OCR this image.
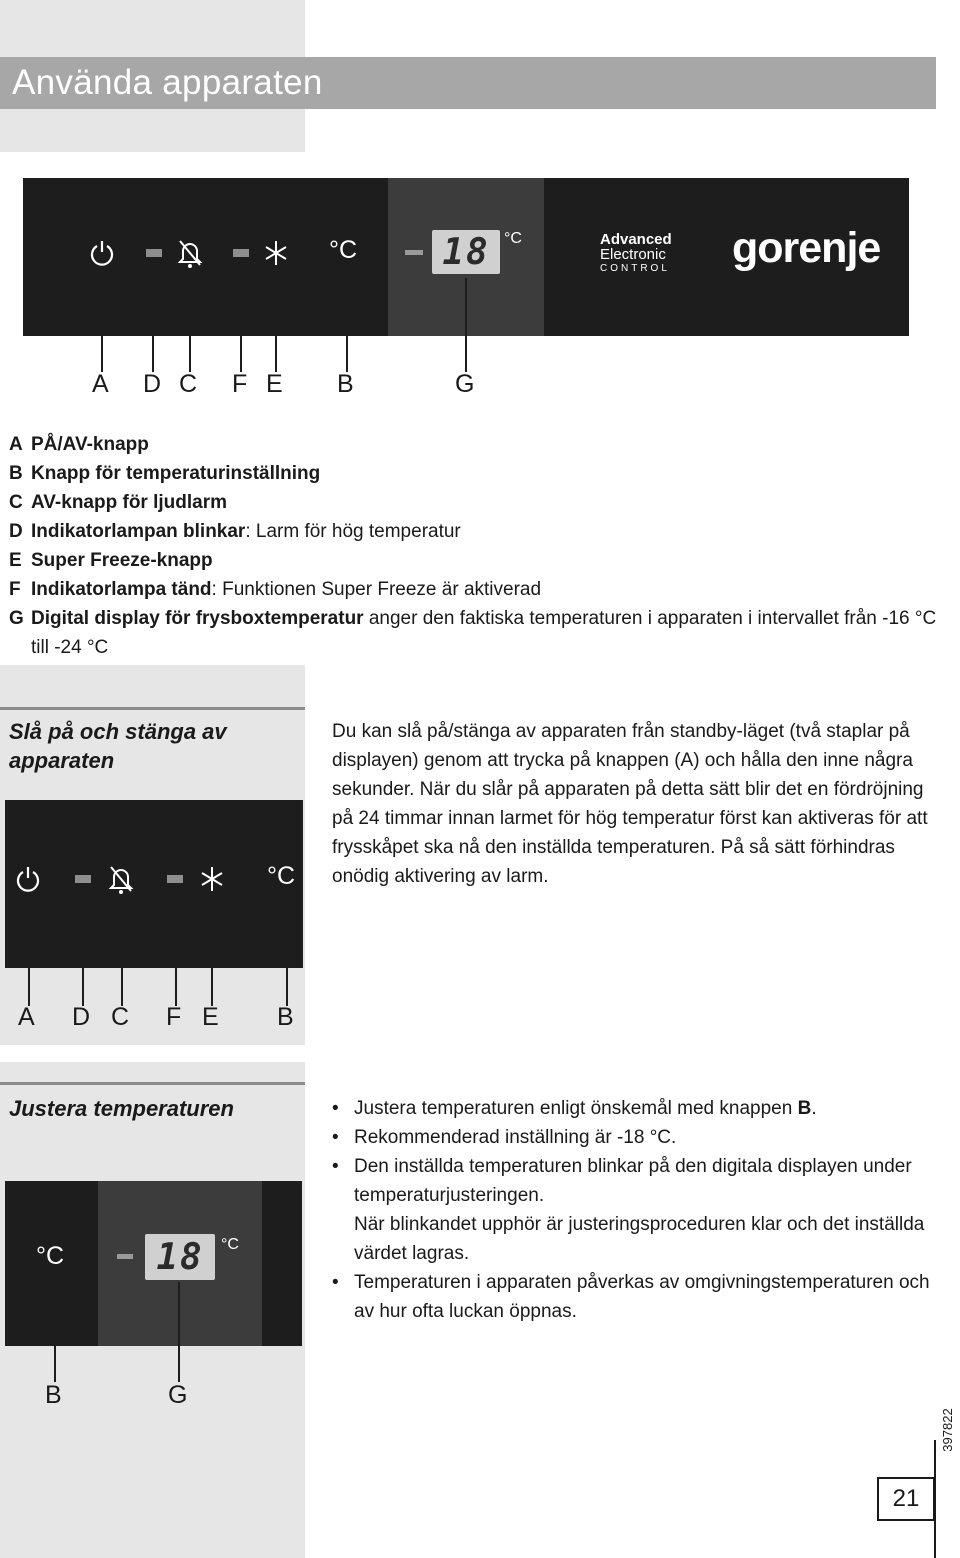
Använda apparaten
°C 18 °C	Advanced
Electronic
CONTROL	gorenje
A D C F E B	G
A PÅ/AV-knapp
B Knapp för temperaturinställning
C AV-knapp för ljudlarm
D Indikatorlampan blinkar: Larm för hög temperatur
E Super Freeze-knapp
F Indikatorlampa tänd: Funktionen Super Freeze är aktiverad
G Digital display för frysboxtemperatur anger den faktiska temperaturen i apparaten i intervallet från -16 °C till -24 °C
Slå på och stänga av apparaten
Du kan slå på/stänga av apparaten från standby-läget (två staplar på displayen) genom att trycka på knappen (A) och hålla den inne några sekunder. När du slår på apparaten på detta sätt blir det en fördröjning på 24 timmar innan larmet för hög temperatur först kan aktiveras för att frysskåpet ska nå den inställda temperaturen. På så sätt förhindras onödig aktivering av larm.
°C
A D C F E B
Justera temperaturen
•	Justera temperaturen enligt önskemål med knappen B.
• Rekommenderad inställning är -18 °C.
• Den inställda temperaturen blinkar på den digitala displayen under temperaturjusteringen.
När blinkandet upphör är justeringsproceduren klar och det inställda värdet lagras.
• Temperaturen i apparaten påverkas av omgivningstemperaturen och av hur ofta luckan öppnas.
°C	18 °C
B	G
397822
21
